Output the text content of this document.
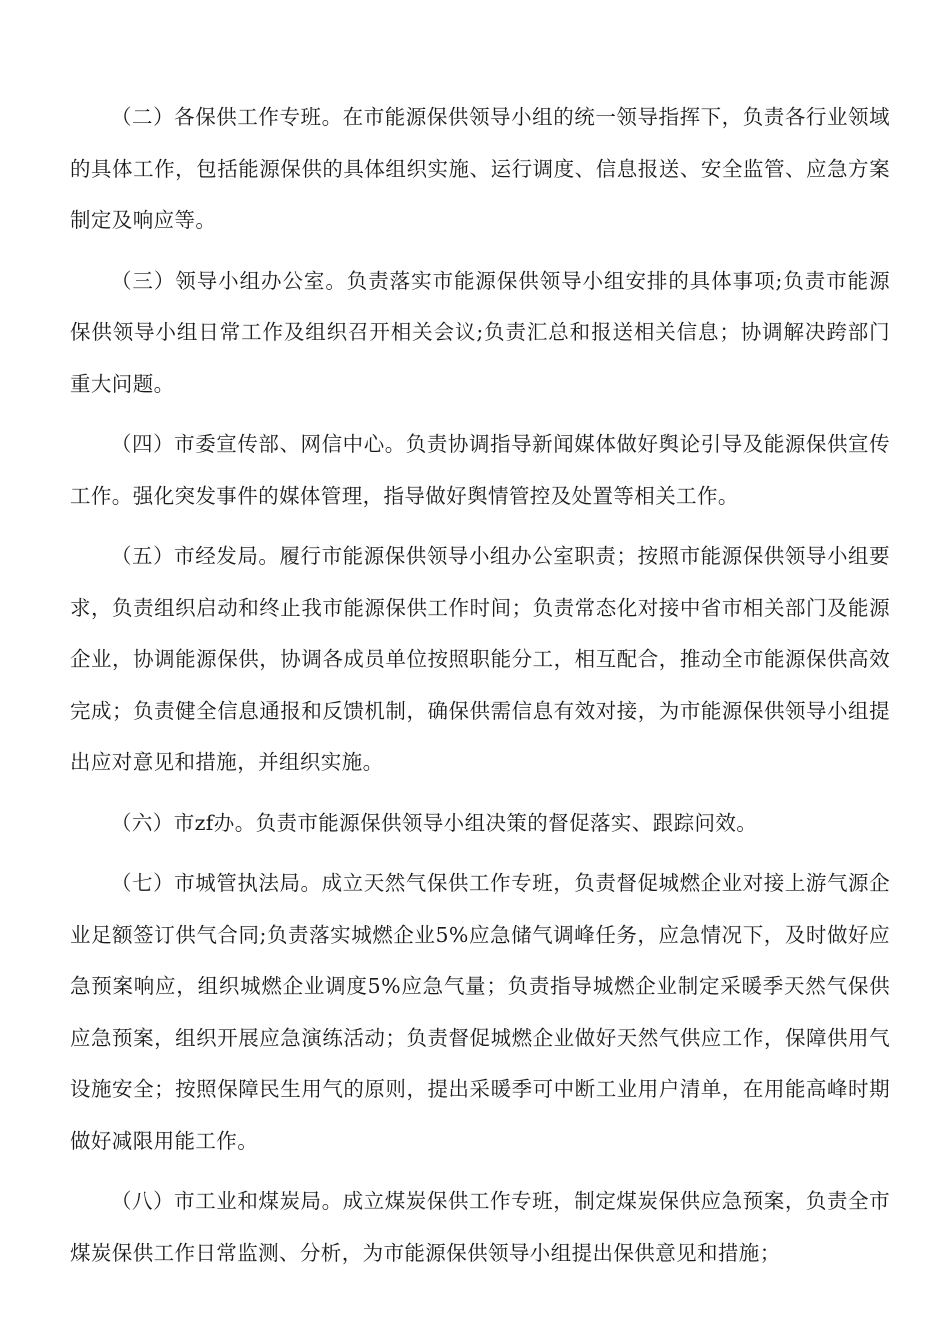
（二）各保供工作专班。在市能源保供领导小组的统一领导指挥下，负责各行业领域的具体工作，包括能源保供的具体组织实施、运行调度、信息报送、安全监管、应急方案制定及响应等。

（三）领导小组办公室。负责落实市能源保供领导小组安排的具体事项;负责市能源保供领导小组日常工作及组织召开相关会议;负责汇总和报送相关信息；协调解决跨部门重大问题。

（四）市委宣传部、网信中心。负责协调指导新闻媒体做好舆论引导及能源保供宣传工作。强化突发事件的媒体管理，指导做好舆情管控及处置等相关工作。

（五）市经发局。履行市能源保供领导小组办公室职责；按照市能源保供领导小组要求，负责组织启动和终止我市能源保供工作时间；负责常态化对接中省市相关部门及能源企业，协调能源保供，协调各成员单位按照职能分工，相互配合，推动全市能源保供高效完成；负责健全信息通报和反馈机制，确保供需信息有效对接，为市能源保供领导小组提出应对意见和措施，并组织实施。

（六）市zf办。负责市能源保供领导小组决策的督促落实、跟踪问效。

（七）市城管执法局。成立天然气保供工作专班，负责督促城燃企业对接上游气源企业足额签订供气合同;负责落实城燃企业5%应急储气调峰任务，应急情况下，及时做好应急预案响应，组织城燃企业调度5%应急气量；负责指导城燃企业制定采暖季天然气保供应急预案，组织开展应急演练活动；负责督促城燃企业做好天然气供应工作，保障供用气设施安全；按照保障民生用气的原则，提出采暖季可中断工业用户清单，在用能高峰时期做好减限用能工作。

（八）市工业和煤炭局。成立煤炭保供工作专班，制定煤炭保供应急预案，负责全市煤炭保供工作日常监测、分析，为市能源保供领导小组提出保供意见和措施；
